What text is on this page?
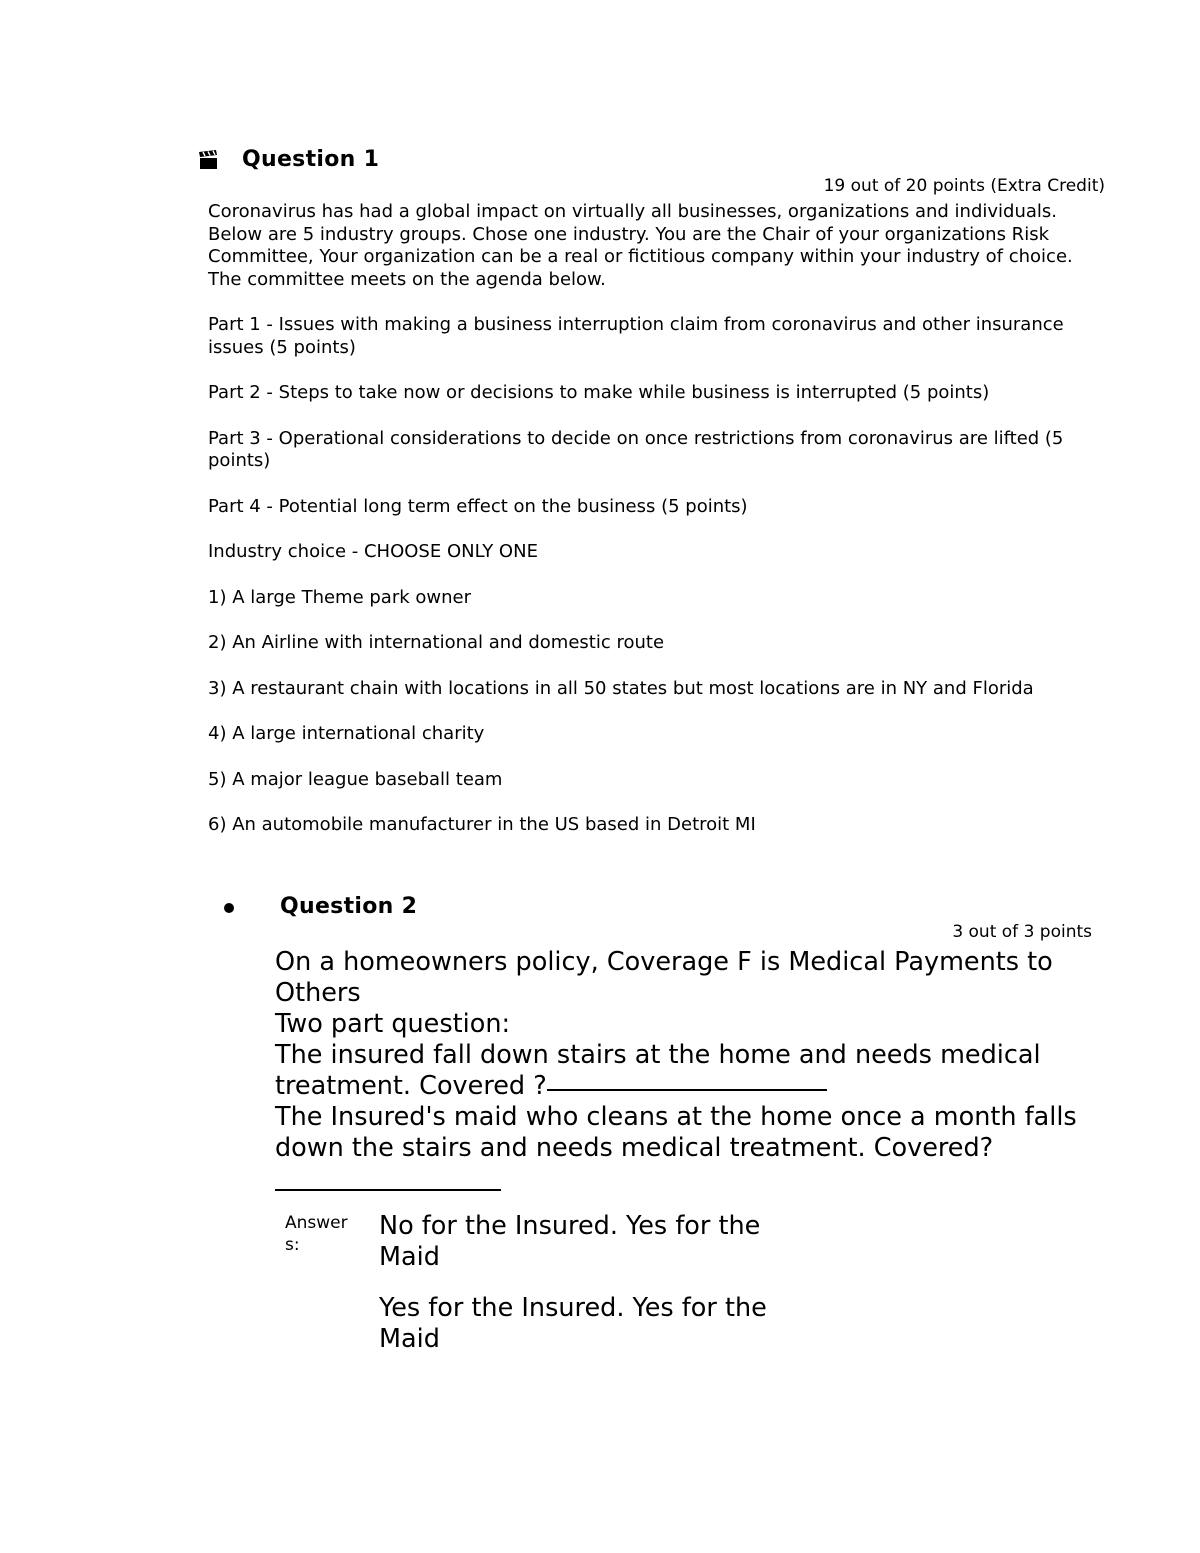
Question 1
19 out of 20 points (Extra Credit)

Coronavirus has had a global impact on virtually all businesses, organizations and individuals. Below are 5 industry groups. Chose one industry. You are the Chair of your organizations Risk Committee, Your organization can be a real or fictitious company within your industry of choice. The committee meets on the agenda below.

Part 1 - Issues with making a business interruption claim from coronavirus and other insurance issues (5 points)

Part 2 - Steps to take now or decisions to make while business is interrupted (5 points)

Part 3 - Operational considerations to decide on once restrictions from coronavirus are lifted (5 points)

Part 4 - Potential long term effect on the business (5 points)

Industry choice - CHOOSE ONLY ONE

1) A large Theme park owner

2) An Airline with international and domestic route

3) A restaurant chain with locations in all 50 states but most locations are in NY and Florida

4) A large international charity

5) A major league baseball team

6) An automobile manufacturer in the US based in Detroit MI

Question 2
3 out of 3 points
On a homeowners policy, Coverage F is Medical Payments to Others
Two part question:
The insured fall down stairs at the home and needs medical treatment. Covered ?
The Insured's maid who cleans at the home once a month falls down the stairs and needs medical treatment. Covered?
Answers:
No for the Insured. Yes for the Maid
Yes for the Insured. Yes for the Maid
